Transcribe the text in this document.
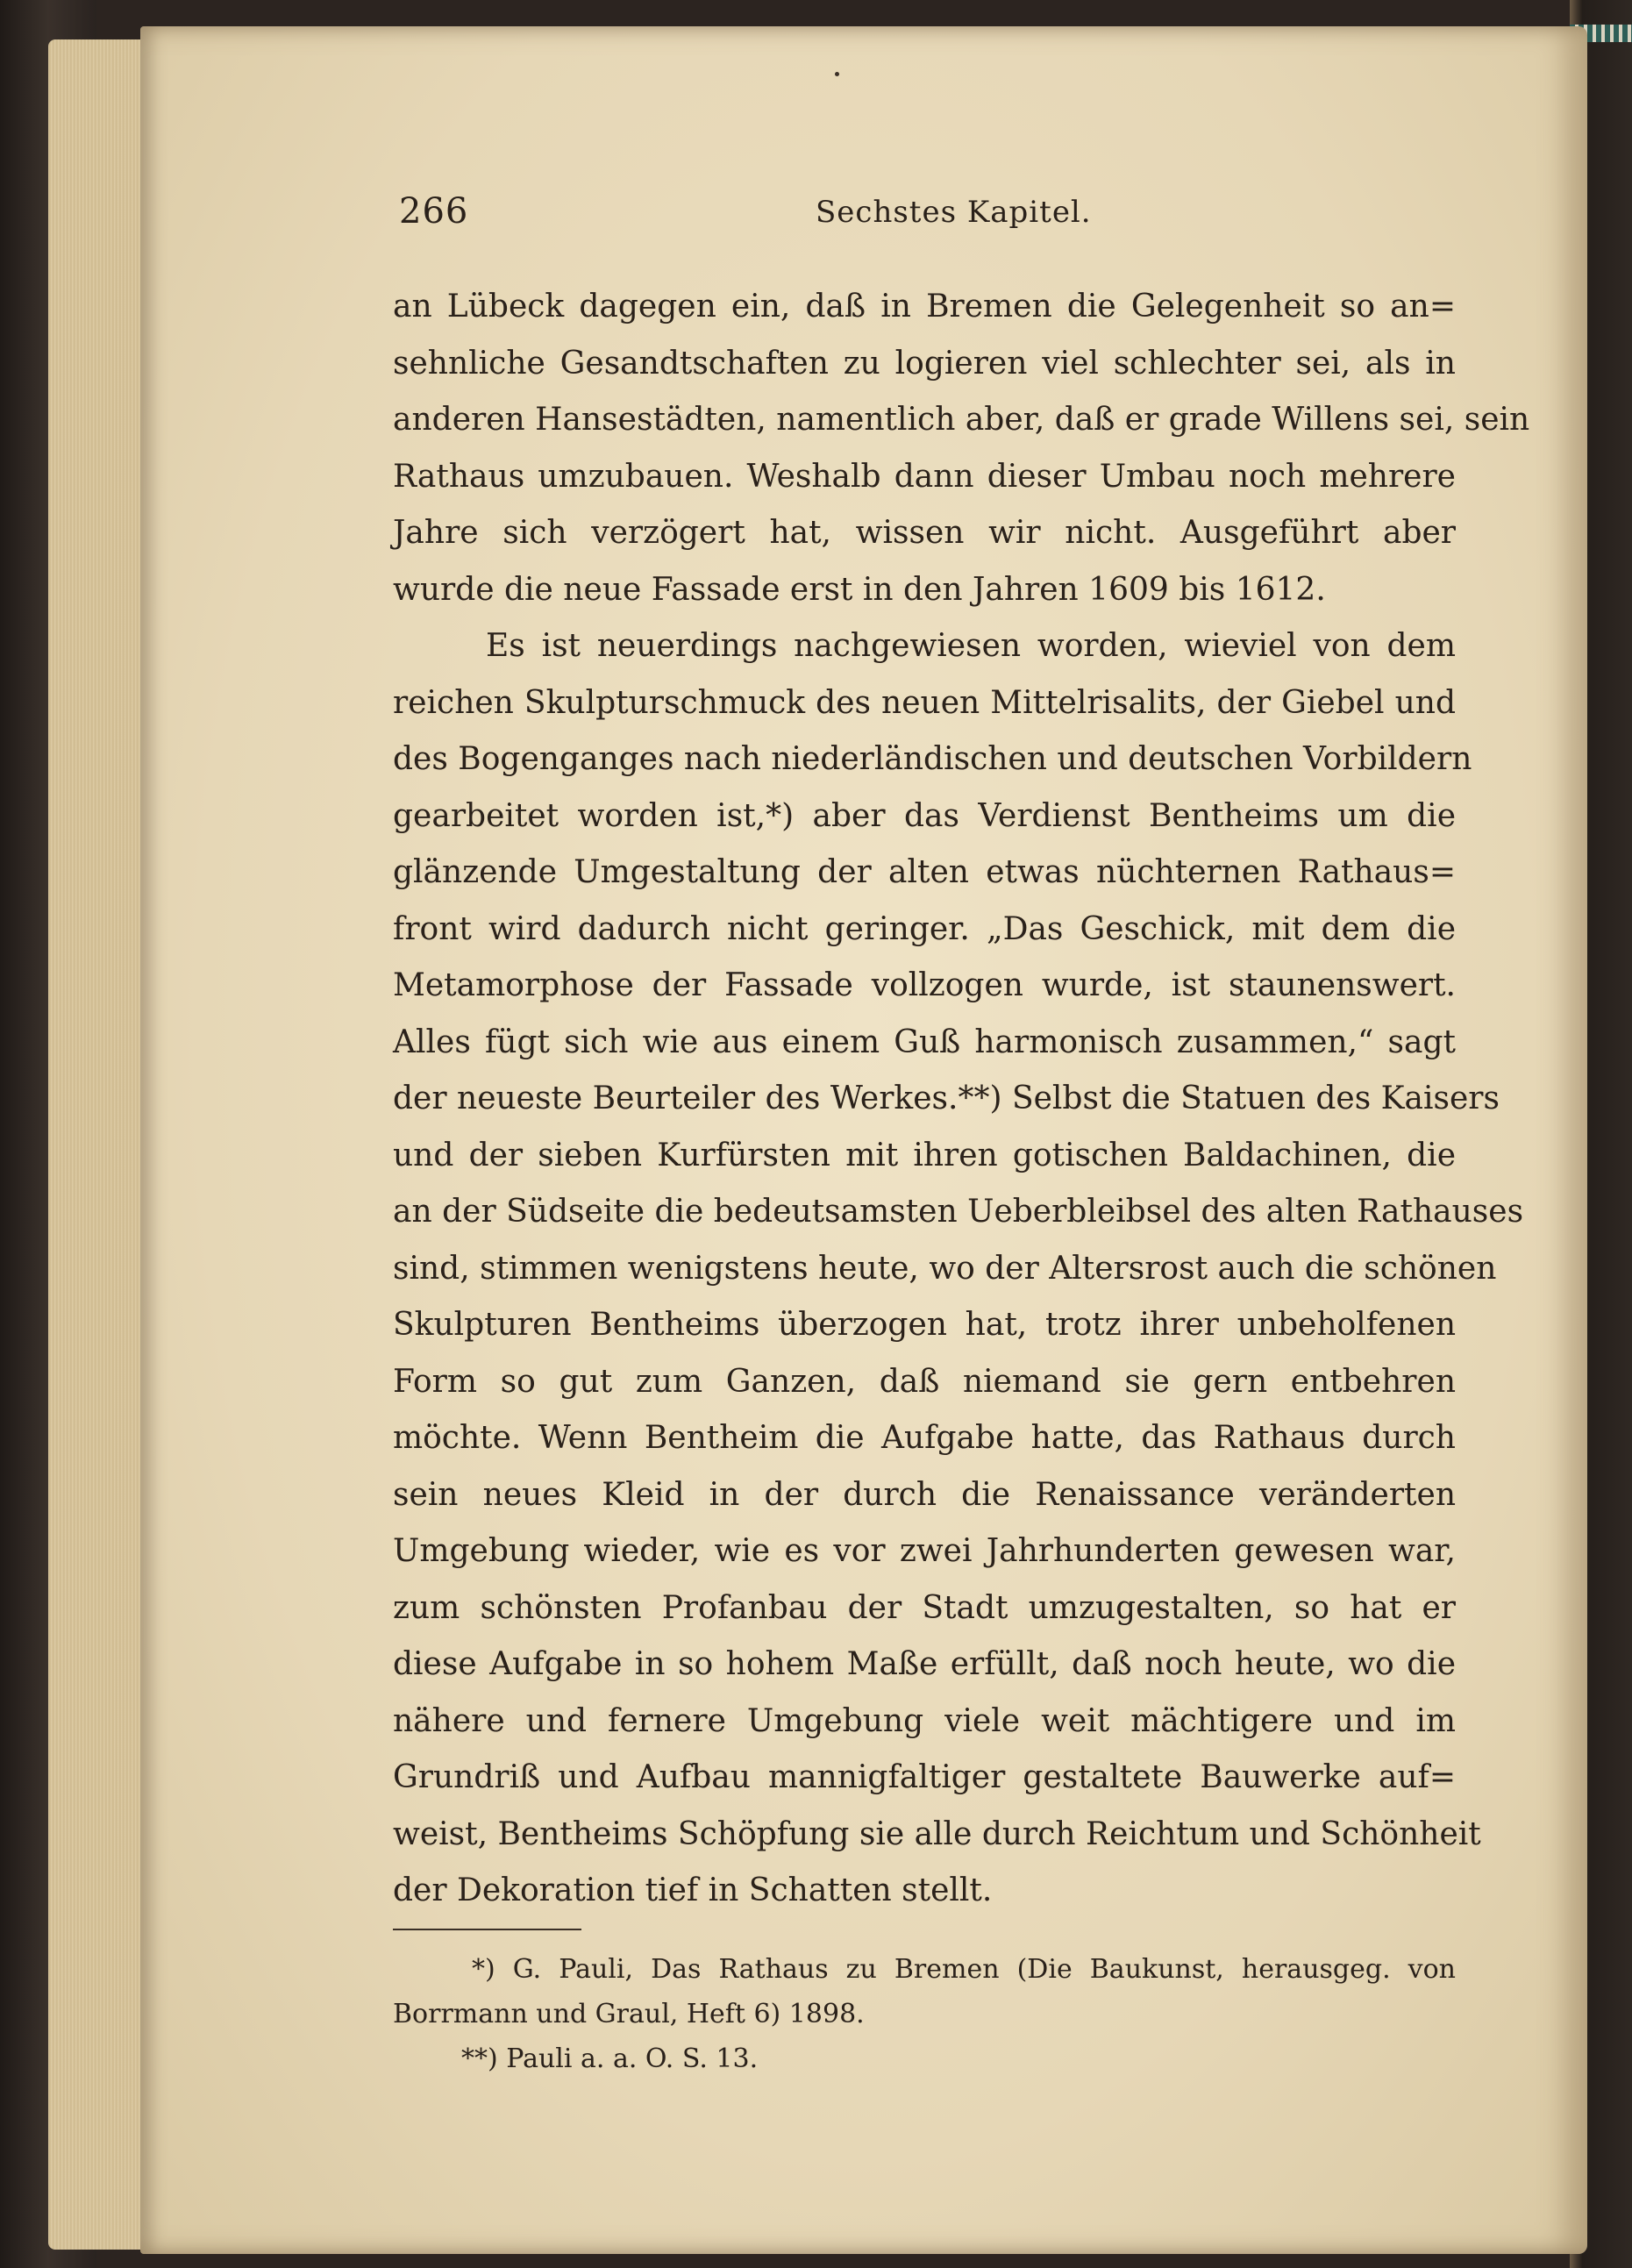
266	Sechstes Kapitel.
an Lübeck dagegen ein, daß in Bremen die Gelegenheit so an=
sehnliche Gesandtschaften zu logieren viel schlechter sei, als in
anderen Hansestädten, namentlich aber, daß er grade Willens sei, sein
Rathaus umzubauen. Weshalb dann dieser Umbau noch mehrere
Jahre sich verzögert hat, wissen wir nicht. Ausgeführt aber
wurde die neue Fassade erst in den Jahren 1609 bis 1612.
Es ist neuerdings nachgewiesen worden, wieviel von dem
reichen Skulpturschmuck des neuen Mittelrisalits, der Giebel und
des Bogenganges nach niederländischen und deutschen Vorbildern
gearbeitet worden ist,*) aber das Verdienst Bentheims um die
glänzende Umgestaltung der alten etwas nüchternen Rathaus=
front wird dadurch nicht geringer. „Das Geschick, mit dem die
Metamorphose der Fassade vollzogen wurde, ist staunenswert.
Alles fügt sich wie aus einem Guß harmonisch zusammen,“ sagt
der neueste Beurteiler des Werkes.**) Selbst die Statuen des Kaisers
und der sieben Kurfürsten mit ihren gotischen Baldachinen, die
an der Südseite die bedeutsamsten Ueberbleibsel des alten Rathauses
sind, stimmen wenigstens heute, wo der Altersrost auch die schönen
Skulpturen Bentheims überzogen hat, trotz ihrer unbeholfenen
Form so gut zum Ganzen, daß niemand sie gern entbehren
möchte. Wenn Bentheim die Aufgabe hatte, das Rathaus durch
sein neues Kleid in der durch die Renaissance veränderten
Umgebung wieder, wie es vor zwei Jahrhunderten gewesen war,
zum schönsten Profanbau der Stadt umzugestalten, so hat er
diese Aufgabe in so hohem Maße erfüllt, daß noch heute, wo die
nähere und fernere Umgebung viele weit mächtigere und im
Grundriß und Aufbau mannigfaltiger gestaltete Bauwerke auf=
weist, Bentheims Schöpfung sie alle durch Reichtum und Schönheit
der Dekoration tief in Schatten stellt.
*) G. Pauli, Das Rathaus zu Bremen (Die Baukunst, herausgeg. von
Borrmann und Graul, Heft 6) 1898.
**) Pauli a. a. O. S. 13.
